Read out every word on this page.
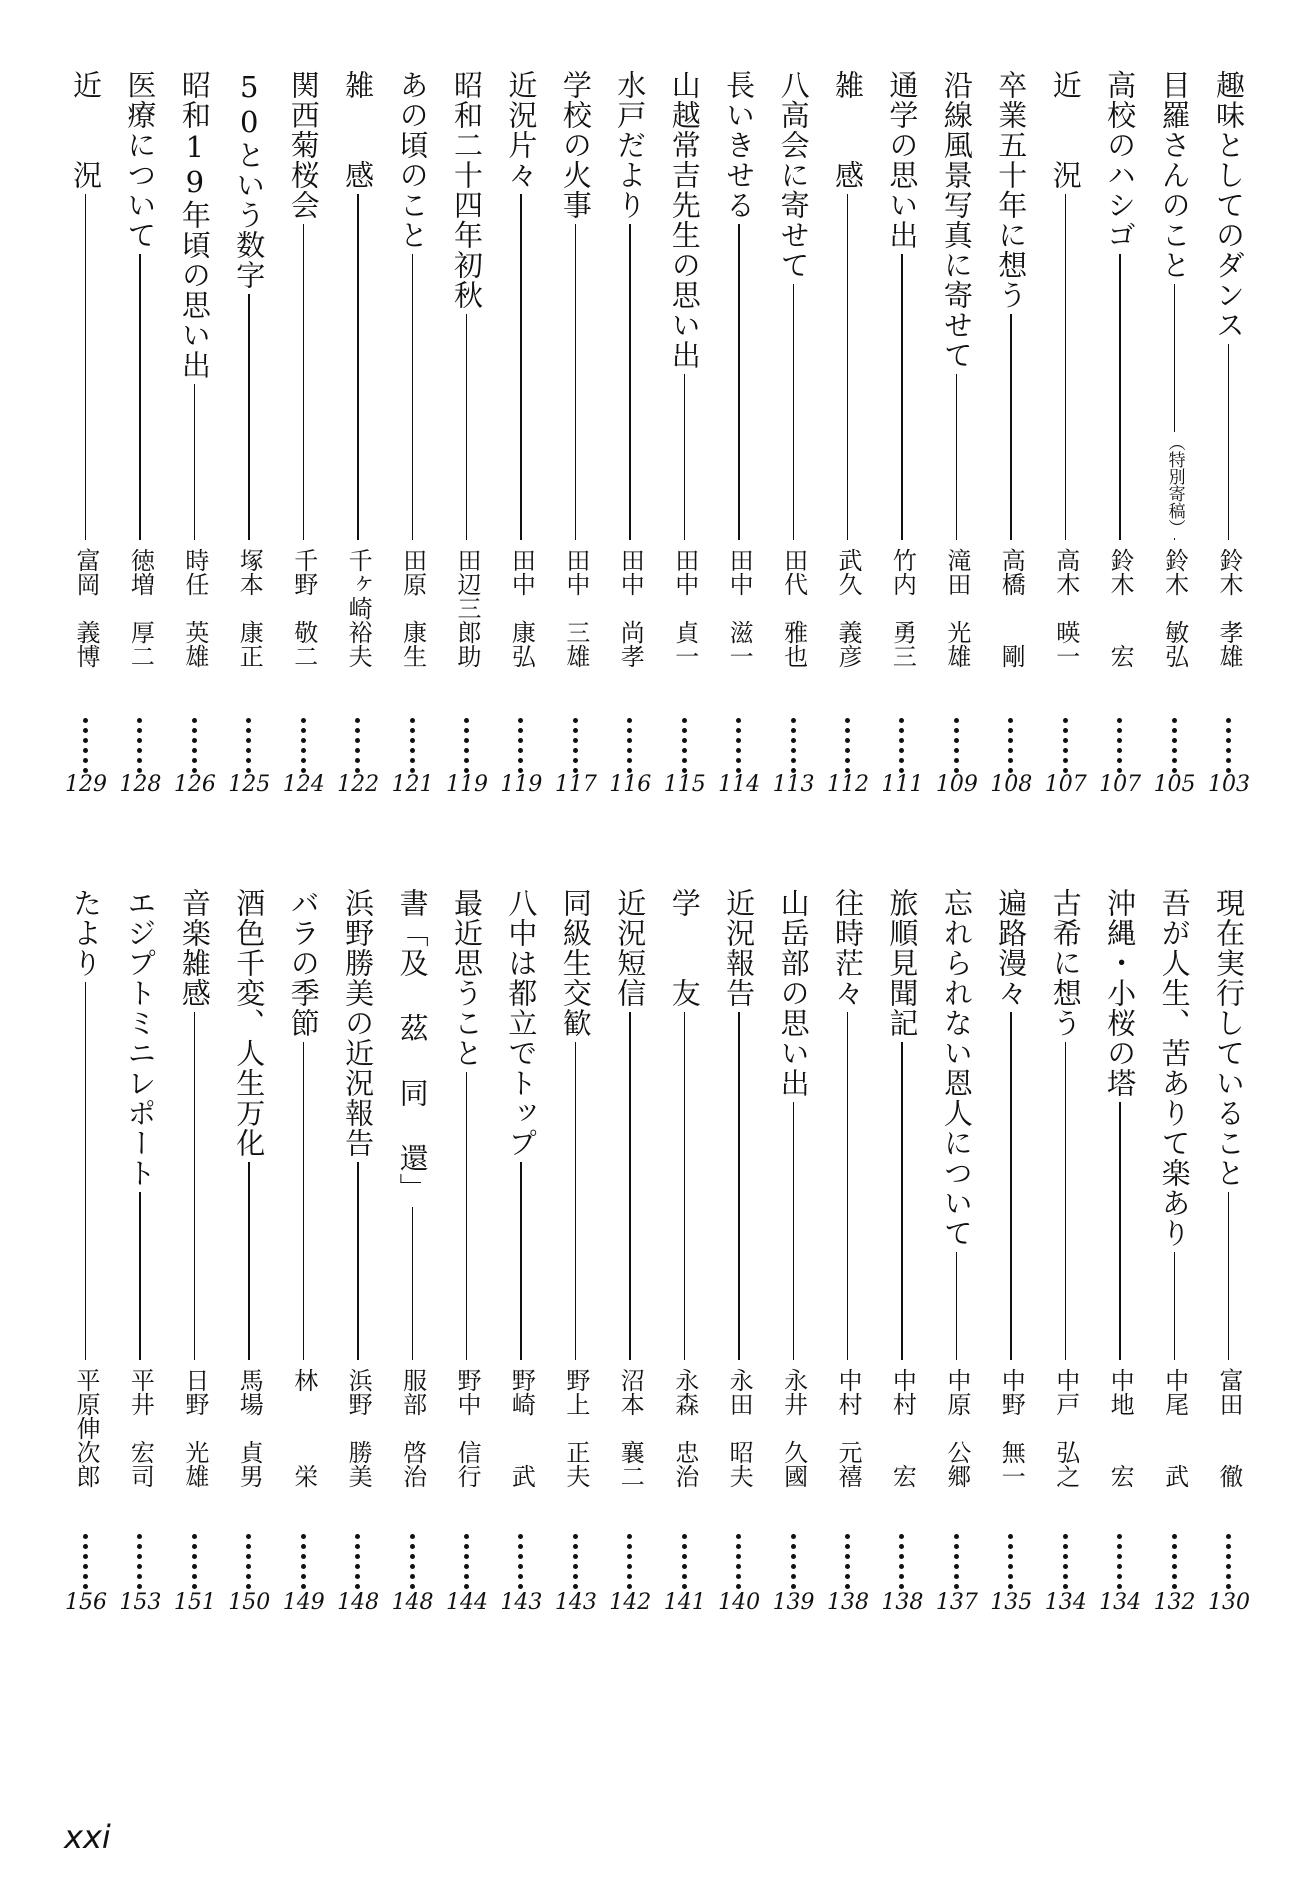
趣味としてのダンス
鈴木　孝雄
103
目羅さんのこと
（特別寄稿）
鈴木　敏弘
105
高校のハシゴ
鈴木　　宏
107
近　　況
高木　暎一
107
卒業五十年に想う
高橋　　剛
108
沿線風景写真に寄せて
滝田　光雄
109
通学の思い出
竹内　勇三
111
雑　　感
武久　義彦
112
八高会に寄せて
田代　雅也
113
長いきせる
田中　滋一
114
山越常吉先生の思い出
田中　貞一
115
水戸だより
田中　尚孝
116
学校の火事
田中　三雄
117
近況片々
田中　康弘
119
昭和二十四年初秋
田辺三郎助
119
あの頃のこと
田原　康生
121
雑　　感
千ヶ崎裕夫
122
関西菊桜会
千野　敬二
124
50という数字
塚本　康正
125
昭和19年頃の思い出
時任　英雄
126
医療について
徳増　厚二
128
近　　況
富岡　義博
129
現在実行していること
富田　　徹
130
吾が人生、苦ありて楽あり
中尾　　武
132
沖縄・小桜の塔
中地　　宏
134
古希に想う
中戸　弘之
134
遍路漫々
中野　無一
135
忘れられない恩人について
中原　公郷
137
旅順見聞記
中村　　宏
138
往時茫々
中村　元禧
138
山岳部の思い出
永井　久國
139
近況報告
永田　昭夫
140
学　　友
永森　忠治
141
近況短信
沼本　襄二
142
同級生交歓
野上　正夫
143
八中は都立でトップ
野崎　　武
143
最近思うこと
野中　信行
144
書「及 茲 同 還」
服部　啓治
148
浜野勝美の近況報告
浜野　勝美
148
バラの季節
林　　　栄
149
酒色千変、人生万化
馬場　貞男
150
音楽雑感
日野　光雄
151
エジプトミニレポート
平井　宏司
153
たより
平原伸次郎
156
xxi
